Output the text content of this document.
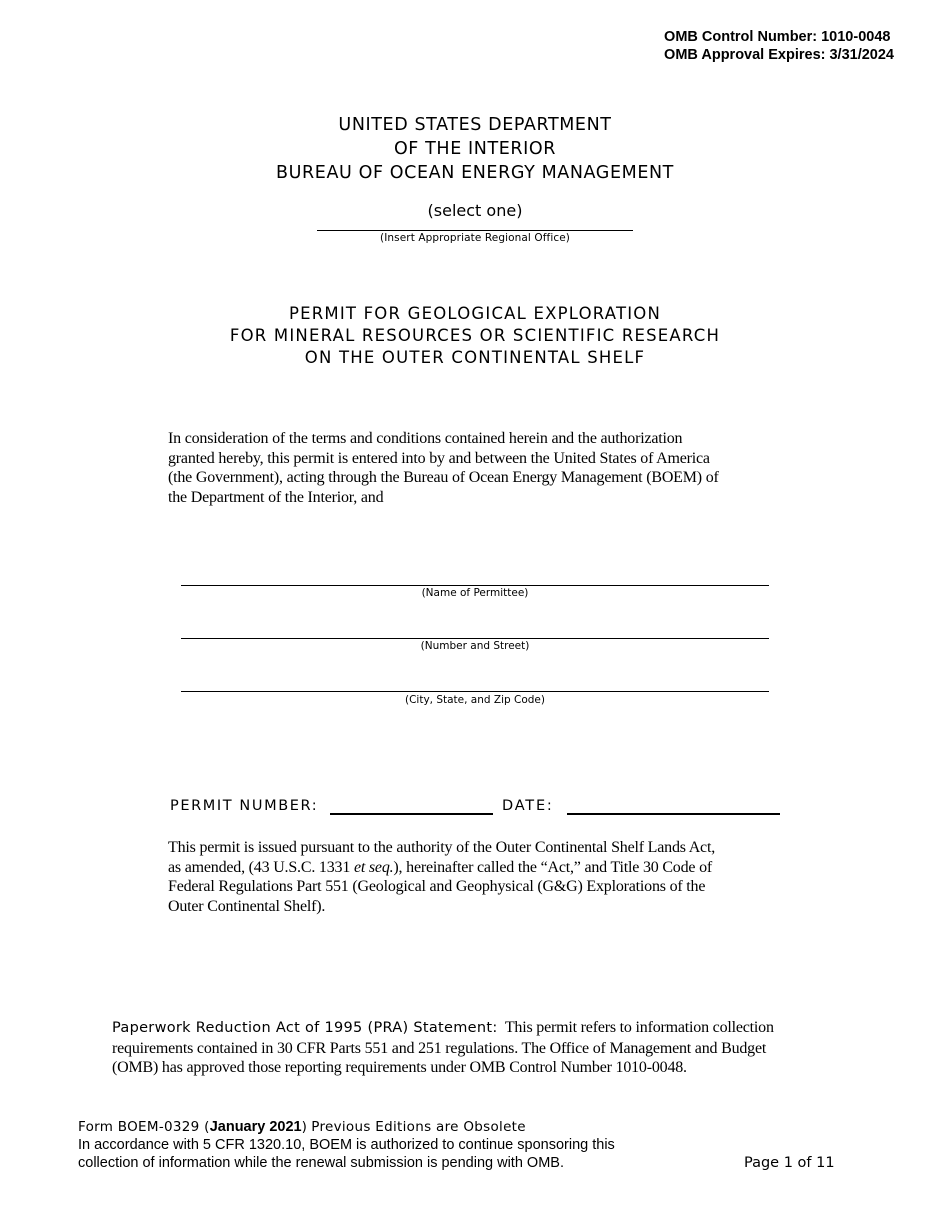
OMB Control Number: 1010-0048
OMB Approval Expires: 3/31/2024
UNITED STATES DEPARTMENT
OF THE INTERIOR
BUREAU OF OCEAN ENERGY MANAGEMENT
(select one)
(Insert Appropriate Regional Office)
PERMIT FOR GEOLOGICAL EXPLORATION
FOR MINERAL RESOURCES OR SCIENTIFIC RESEARCH
ON THE OUTER CONTINENTAL SHELF
In consideration of the terms and conditions contained herein and the authorization
granted hereby, this permit is entered into by and between the United States of America
(the Government), acting through the Bureau of Ocean Energy Management (BOEM) of
the Department of the Interior, and
(Name of Permittee)
(Number and Street)
(City, State, and Zip Code)
PERMIT NUMBER:	DATE:
This permit is issued pursuant to the authority of the Outer Continental Shelf Lands Act,
as amended, (43 U.S.C. 1331 et seq.), hereinafter called the “Act,” and Title 30 Code of
Federal Regulations Part 551 (Geological and Geophysical (G&G) Explorations of the
Outer Continental Shelf).
Paperwork Reduction Act of 1995 (PRA) Statement: This permit refers to information collection
requirements contained in 30 CFR Parts 551 and 251 regulations. The Office of Management and Budget
(OMB) has approved those reporting requirements under OMB Control Number 1010-0048.
Form BOEM-0329 (January 2021) Previous Editions are Obsolete
In accordance with 5 CFR 1320.10, BOEM is authorized to continue sponsoring this
collection of information while the renewal submission is pending with OMB.	Page 1 of 11
